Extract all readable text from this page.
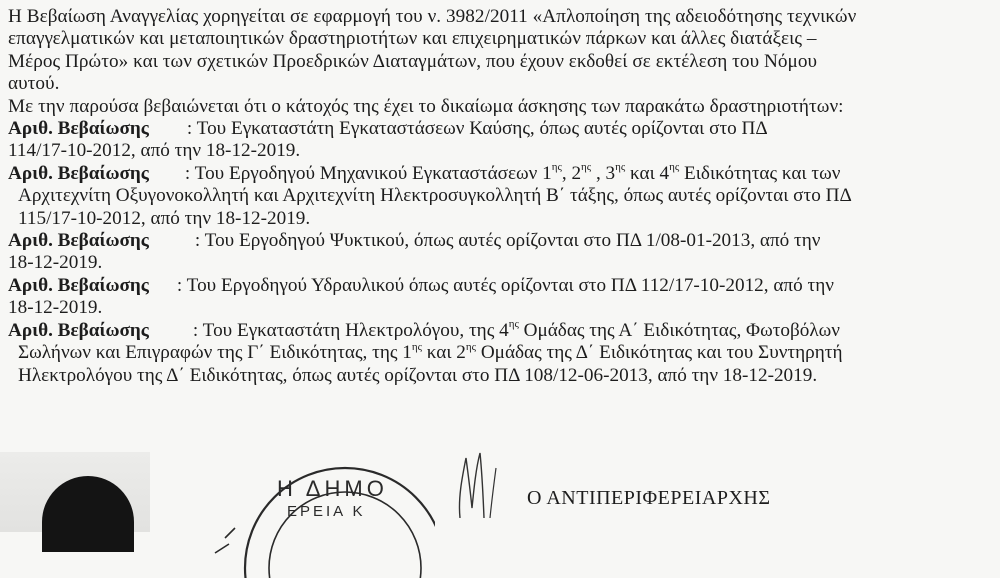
Η Βεβαίωση Αναγγελίας χορηγείται σε εφαρμογή του ν. 3982/2011 «Απλοποίηση της αδειοδότησης τεχνικών
επαγγελματικών και μεταποιητικών δραστηριοτήτων και επιχειρηματικών πάρκων και άλλες διατάξεις –
Μέρος Πρώτο» και των σχετικών Προεδρικών Διαταγμάτων, που έχουν εκδοθεί σε εκτέλεση του Νόμου
αυτού.
Με την παρούσα βεβαιώνεται ότι ο κάτοχός της έχει το δικαίωμα άσκησης των παρακάτω δραστηριοτήτων:
Αριθ. Βεβαίωσης : Του Εγκαταστάτη Εγκαταστάσεων Καύσης, όπως αυτές ορίζονται στο ΠΔ
114/17-10-2012, από την 18-12-2019.
Αριθ. Βεβαίωσης : Του Εργοδηγού Μηχανικού Εγκαταστάσεων $1^{\eta\varsigma}$, $2^{\eta\varsigma}$ , $3^{\eta\varsigma}$ και $4^{\eta\varsigma}$ Ειδικότητας και των
Αρχιτεχνίτη Οξυγονοκολλητή και Αρχιτεχνίτη Ηλεκτροσυγκολλητή Β΄ τάξης, όπως αυτές ορίζονται στο ΠΔ
115/17-10-2012, από την 18-12-2019.
Αριθ. Βεβαίωσης : Του Εργοδηγού Ψυκτικού, όπως αυτές ορίζονται στο ΠΔ 1/08-01-2013, από την
18-12-2019.
Αριθ. Βεβαίωσης : Του Εργοδηγού Υδραυλικού όπως αυτές ορίζονται στο ΠΔ 112/17-10-2012, από την
18-12-2019.
Αριθ. Βεβαίωσης : Του Εγκαταστάτη Ηλεκτρολόγου, της $4^{\eta\varsigma}$ Ομάδας της Α΄ Ειδικότητας, Φωτοβόλων
Σωλήνων και Επιγραφών της Γ΄ Ειδικότητας, της $1^{\eta\varsigma}$ και $2^{\eta\varsigma}$ Ομάδας της Δ΄ Ειδικότητας και του Συντηρητή
Ηλεκτρολόγου της Δ΄ Ειδικότητας, όπως αυτές ορίζονται στο ΠΔ 108/12-06-2013, από την 18-12-2019.
Η ΔΗΜΟ
ΕΡΕΙΑ Κ
Ο ΑΝΤΙΠΕΡΙΦΕΡΕΙΑΡΧΗΣ
